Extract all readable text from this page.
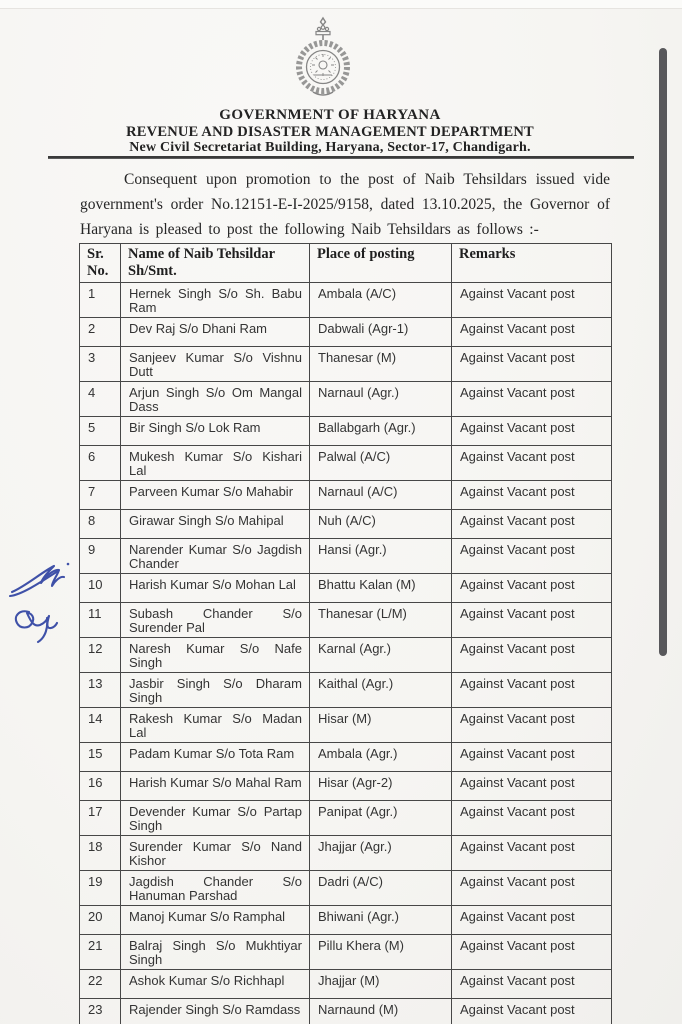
GOVERNMENT OF HARYANA
REVENUE AND DISASTER MANAGEMENT DEPARTMENT
New Civil Secretariat Building, Haryana, Sector-17, Chandigarh.

Consequent upon promotion to the post of Naib Tehsildars issued vide government's order No.12151-E-I-2025/9158, dated 13.10.2025, the Governor of Haryana is pleased to post the following Naib Tehsildars as follows :-

Sr. No.	Name of Naib Tehsildar Sh/Smt.	Place of posting	Remarks
1	Hernek Singh S/o Sh. Babu Ram	Ambala (A/C)	Against Vacant post
2	Dev Raj S/o Dhani Ram	Dabwali (Agr-1)	Against Vacant post
3	Sanjeev Kumar S/o Vishnu Dutt	Thanesar (M)	Against Vacant post
4	Arjun Singh S/o Om Mangal Dass	Narnaul (Agr.)	Against Vacant post
5	Bir Singh S/o Lok Ram	Ballabgarh (Agr.)	Against Vacant post
6	Mukesh Kumar S/o Kishari Lal	Palwal (A/C)	Against Vacant post
7	Parveen Kumar S/o Mahabir	Narnaul (A/C)	Against Vacant post
8	Girawar Singh S/o Mahipal	Nuh (A/C)	Against Vacant post
9	Narender Kumar S/o Jagdish Chander	Hansi (Agr.)	Against Vacant post
10	Harish Kumar S/o Mohan Lal	Bhattu Kalan (M)	Against Vacant post
11	Subash Chander S/o Surender Pal	Thanesar (L/M)	Against Vacant post
12	Naresh Kumar S/o Nafe Singh	Karnal (Agr.)	Against Vacant post
13	Jasbir Singh S/o Dharam Singh	Kaithal (Agr.)	Against Vacant post
14	Rakesh Kumar S/o Madan Lal	Hisar (M)	Against Vacant post
15	Padam Kumar S/o Tota Ram	Ambala (Agr.)	Against Vacant post
16	Harish Kumar S/o Mahal Ram	Hisar (Agr-2)	Against Vacant post
17	Devender Kumar S/o Partap Singh	Panipat (Agr.)	Against Vacant post
18	Surender Kumar S/o Nand Kishor	Jhajjar (Agr.)	Against Vacant post
19	Jagdish Chander S/o Hanuman Parshad	Dadri (A/C)	Against Vacant post
20	Manoj Kumar S/o Ramphal	Bhiwani (Agr.)	Against Vacant post
21	Balraj Singh S/o Mukhtiyar Singh	Pillu Khera (M)	Against Vacant post
22	Ashok Kumar S/o Richhapl	Jhajjar (M)	Against Vacant post
23	Rajender Singh S/o Ramdass	Narnaund (M)	Against Vacant post
